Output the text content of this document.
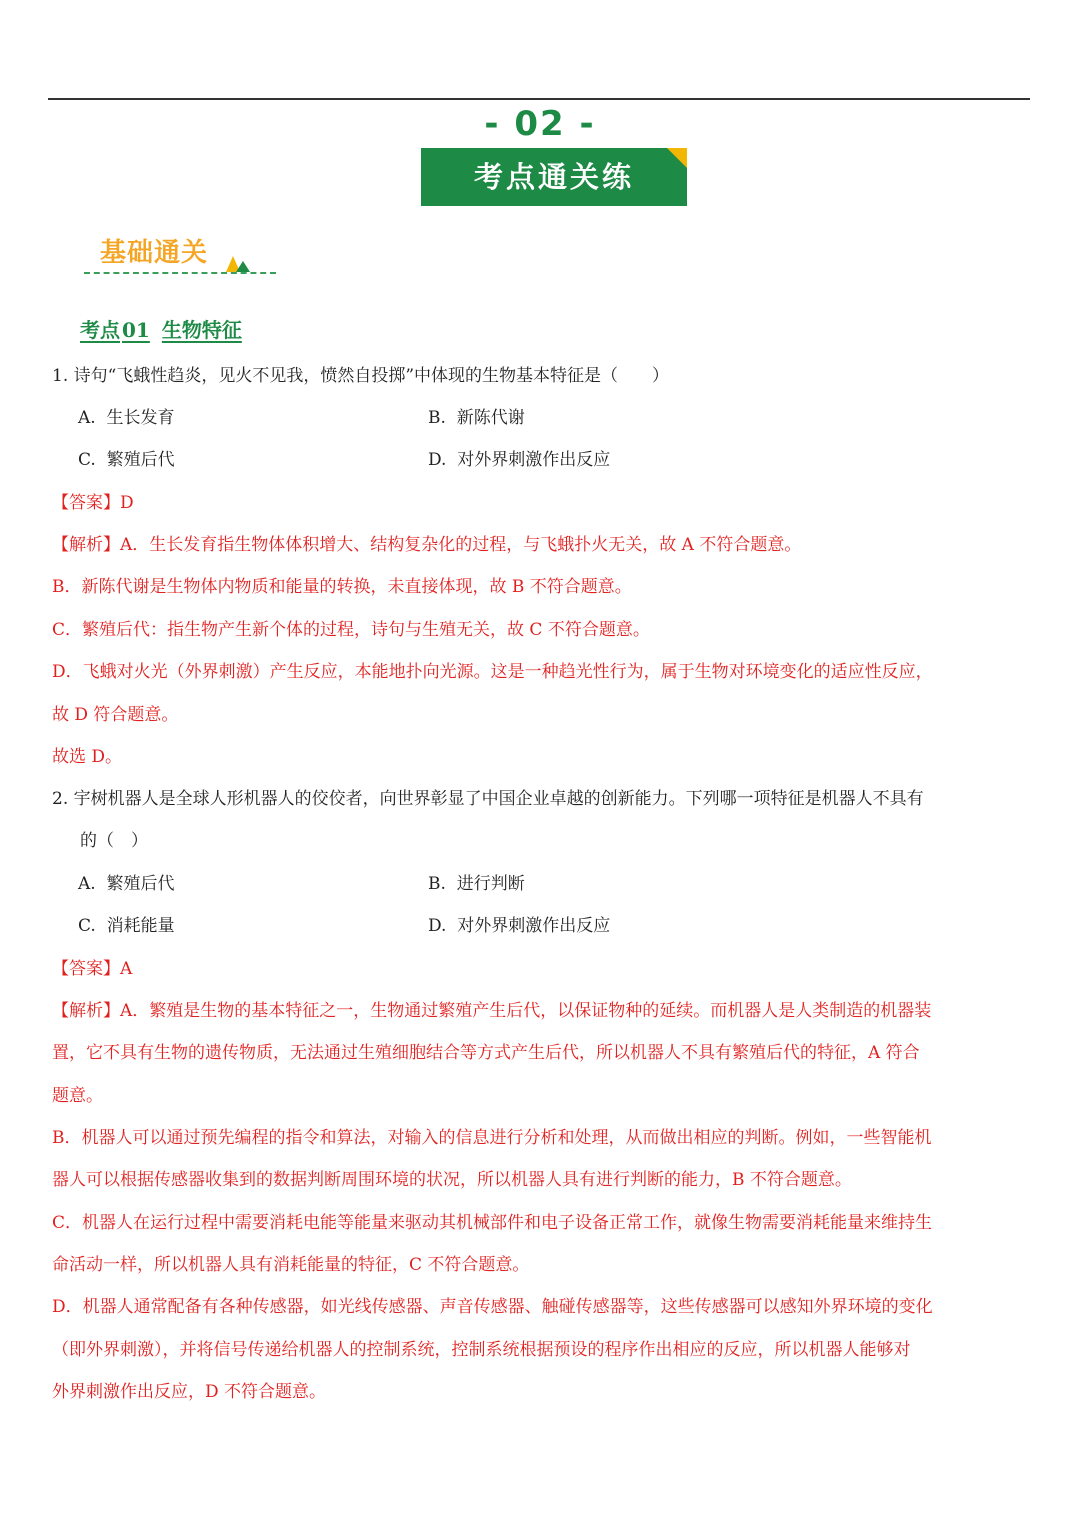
- 02 -
考点通关练
基础通关
考点 01 生物特征
1. 诗句“飞蛾性趋炎，见火不见我，愤然自投掷”中体现的生物基本特征是（　　）
A. 生长发育	B. 新陈代谢
C. 繁殖后代	D. 对外界刺激作出反应
【答案】D
【解析】A．生长发育指生物体体积增大、结构复杂化的过程，与飞蛾扑火无关，故 A 不符合题意。
B．新陈代谢是生物体内物质和能量的转换，未直接体现，故 B 不符合题意。
C．繁殖后代：指生物产生新个体的过程，诗句与生殖无关，故 C 不符合题意。
D．飞蛾对火光（外界刺激）产生反应，本能地扑向光源。这是一种趋光性行为，属于生物对环境变化的适应性反应，
故 D 符合题意。
故选 D。
2. 宇树机器人是全球人形机器人的佼佼者，向世界彰显了中国企业卓越的创新能力。下列哪一项特征是机器人不具有
的（　）
A. 繁殖后代	B. 进行判断
C. 消耗能量	D. 对外界刺激作出反应
【答案】A
【解析】A．繁殖是生物的基本特征之一，生物通过繁殖产生后代，以保证物种的延续。而机器人是人类制造的机器装
置，它不具有生物的遗传物质，无法通过生殖细胞结合等方式产生后代，所以机器人不具有繁殖后代的特征，A 符合
题意。
B．机器人可以通过预先编程的指令和算法，对输入的信息进行分析和处理，从而做出相应的判断。例如，一些智能机
器人可以根据传感器收集到的数据判断周围环境的状况，所以机器人具有进行判断的能力，B 不符合题意。
C．机器人在运行过程中需要消耗电能等能量来驱动其机械部件和电子设备正常工作，就像生物需要消耗能量来维持生
命活动一样，所以机器人具有消耗能量的特征，C 不符合题意。
D．机器人通常配备有各种传感器，如光线传感器、声音传感器、触碰传感器等，这些传感器可以感知外界环境的变化
（即外界刺激），并将信号传递给机器人的控制系统，控制系统根据预设的程序作出相应的反应，所以机器人能够对
外界刺激作出反应，D 不符合题意。
